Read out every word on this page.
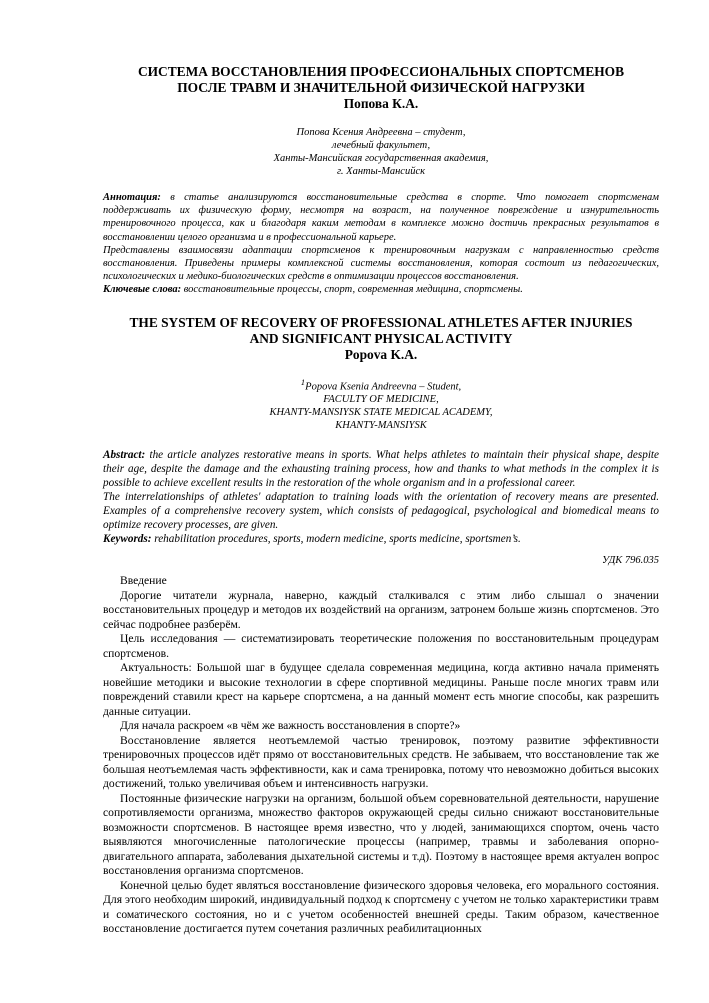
СИСТЕМА ВОССТАНОВЛЕНИЯ ПРОФЕССИОНАЛЬНЫХ СПОРТСМЕНОВ
ПОСЛЕ ТРАВМ И ЗНАЧИТЕЛЬНОЙ ФИЗИЧЕСКОЙ НАГРУЗКИ
Попова К.А.
Попова Ксения Андреевна – студент,
лечебный факультет,
Ханты-Мансийская государственная академия,
г. Ханты-Мансийск

Аннотация: в статье анализируются восстановительные средства в спорте. Что помогает спортсменам поддерживать их физическую форму, несмотря на возраст, на полученное повреждение и изнурительность тренировочного процесса, как и благодаря каким методам в комплексе можно достичь прекрасных результатов в восстановлении целого организма и в профессиональной карьере.

Представлены взаимосвязи адаптации спортсменов к тренировочным нагрузкам с направленностью средств восстановления. Приведены примеры комплексной системы восстановления, которая состоит из педагогических, психологических и медико-биологических средств в оптимизации процессов восстановления.

Ключевые слова: восстановительные процессы, спорт, современная медицина, спортсмены.

THE SYSTEM OF RECOVERY OF PROFESSIONAL ATHLETES AFTER INJURIES
AND SIGNIFICANT PHYSICAL ACTIVITY
Popova K.A.
$^1$Popova Ksenia Andreevna – Student,
FACULTY OF MEDICINE,
KHANTY-MANSIYSK STATE MEDICAL ACADEMY,
KHANTY-MANSIYSK

Abstract: the article analyzes restorative means in sports. What helps athletes to maintain their physical shape, despite their age, despite the damage and the exhausting training process, how and thanks to what methods in the complex it is possible to achieve excellent results in the restoration of the whole organism and in a professional career.

The interrelationships of athletes' adaptation to training loads with the orientation of recovery means are presented. Examples of a comprehensive recovery system, which consists of pedagogical, psychological and biomedical means to optimize recovery processes, are given.

Keywords: rehabilitation procedures, sports, modern medicine, sports medicine, sportsmen’s.

УДК 796.035

Введение

Дорогие читатели журнала, наверно, каждый сталкивался с этим либо слышал о значении восстановительных процедур и методов их воздействий на организм, затронем больше жизнь спортсменов. Это сейчас подробнее разберём.

Цель исследования — систематизировать теоретические положения по восстановительным процедурам спортсменов.

Актуальность: Большой шаг в будущее сделала современная медицина, когда активно начала применять новейшие методики и высокие технологии в сфере спортивной медицины. Раньше после многих травм или повреждений ставили крест на карьере спортсмена, а на данный момент есть многие способы, как разрешить данные ситуации.

Для начала раскроем «в чём же важность восстановления в спорте?»

Восстановление является неотъемлемой частью тренировок, поэтому развитие эффективности тренировочных процессов идёт прямо от восстановительных средств. Не забываем, что восстановление так же большая неотъемлемая часть эффективности, как и сама тренировка, потому что невозможно добиться высоких достижений, только увеличивая объем и интенсивность нагрузки.

Постоянные физические нагрузки на организм, большой объем соревновательной деятельности, нарушение сопротивляемости организма, множество факторов окружающей среды сильно снижают восстановительные возможности спортсменов. В настоящее время известно, что у людей, занимающихся спортом, очень часто выявляются многочисленные патологические процессы (например, травмы и заболевания опорно-двигательного аппарата, заболевания дыхательной системы и т.д). Поэтому в настоящее время актуален вопрос восстановления организма спортсменов.

Конечной целью будет являться восстановление физического здоровья человека, его морального состояния. Для этого необходим широкий, индивидуальный подход к спортсмену с учетом не только характеристики травм и соматического состояния, но и с учетом особенностей внешней среды. Таким образом, качественное восстановление достигается путем сочетания различных реабилитационных
